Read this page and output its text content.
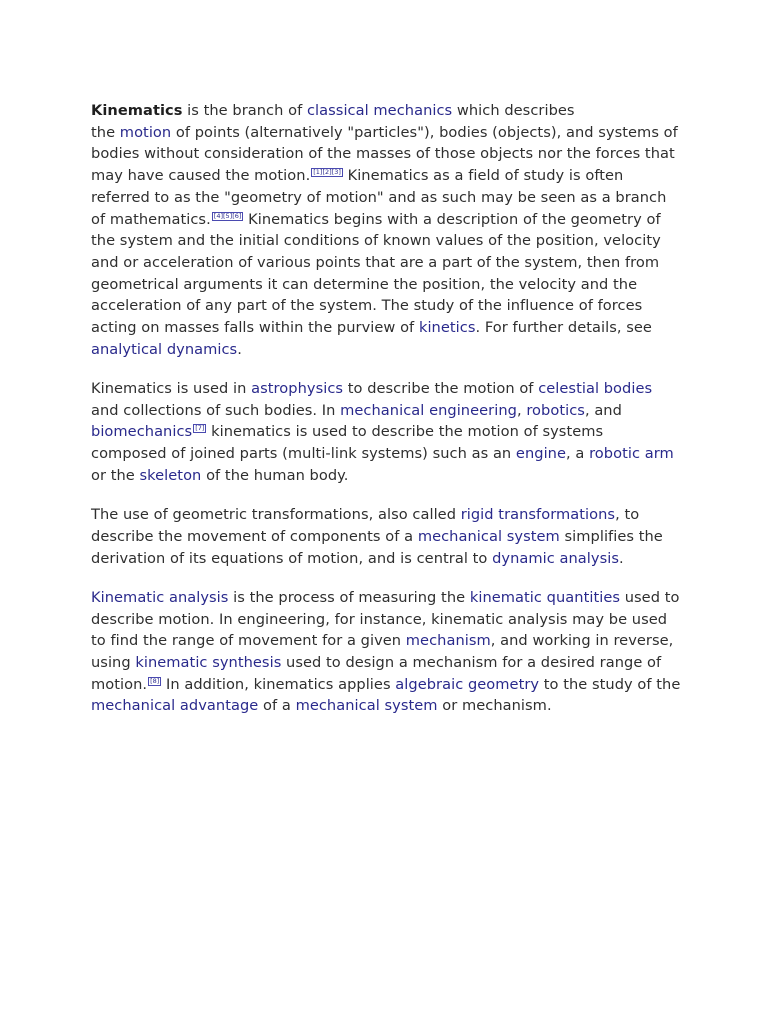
Kinematics is the branch of classical mechanics which describes
the motion of points (alternatively "particles"), bodies (objects), and systems of bodies without consideration of the masses of those objects nor the forces that may have caused the motion. [1][2][3] Kinematics as a field of study is often referred to as the "geometry of motion" and as such may be seen as a branch of mathematics. [4][5][6] Kinematics begins with a description of the geometry of the system and the initial conditions of known values of the position, velocity and or acceleration of various points that are a part of the system, then from geometrical arguments it can determine the position, the velocity and the acceleration of any part of the system. The study of the influence of forces acting on masses falls within the purview of kinetics. For further details, see analytical dynamics.

Kinematics is used in astrophysics to describe the motion of celestial bodies and collections of such bodies. In mechanical engineering, robotics, and biomechanics [7] kinematics is used to describe the motion of systems composed of joined parts (multi-link systems) such as an engine, a robotic arm or the skeleton of the human body.

The use of geometric transformations, also called rigid transformations, to describe the movement of components of a mechanical system simplifies the derivation of its equations of motion, and is central to dynamic analysis.

Kinematic analysis is the process of measuring the kinematic quantities used to describe motion. In engineering, for instance, kinematic analysis may be used to find the range of movement for a given mechanism, and working in reverse, using kinematic synthesis used to design a mechanism for a desired range of motion. [8] In addition, kinematics applies algebraic geometry to the study of the mechanical advantage of a mechanical system or mechanism.
